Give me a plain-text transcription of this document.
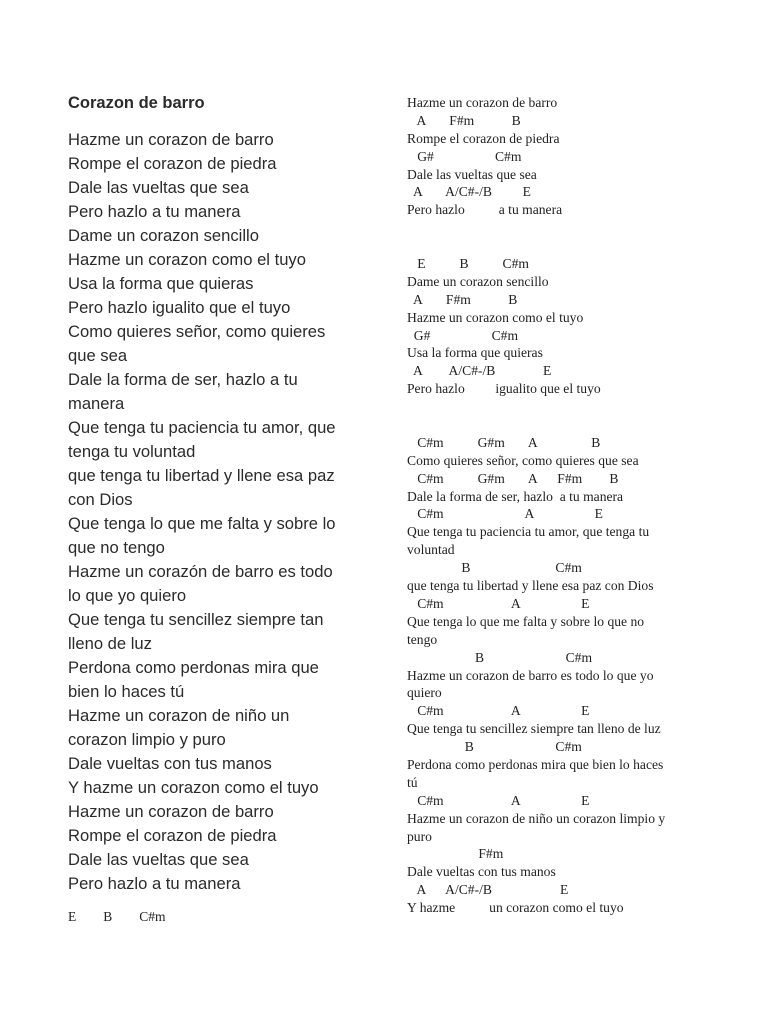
Corazon de barro
Hazme un corazon de barro
Rompe el corazon de piedra
Dale las vueltas que sea
Pero hazlo a tu manera
Dame un corazon sencillo
Hazme un corazon como el tuyo
Usa la forma que quieras
Pero hazlo igualito que el tuyo
Como quieres señor, como quieres
que sea
Dale la forma de ser, hazlo a tu
manera
Que tenga tu paciencia tu amor, que
tenga tu voluntad
que tenga tu libertad y llene esa paz
con Dios
Que tenga lo que me falta y sobre lo
que no tengo
Hazme un corazón de barro es todo
lo que yo quiero
Que tenga tu sencillez siempre tan
lleno de luz
Perdona como perdonas mira que
bien lo haces tú
Hazme un corazon de niño un
corazon limpio y puro
Dale vueltas con tus manos
Y hazme un corazon como el tuyo
Hazme un corazon de barro
Rompe el corazon de piedra
Dale las vueltas que sea
Pero hazlo a tu manera
E        B        C#m
Hazme un corazon de barro
A       F#m           B
Rompe el corazon de piedra
G#                  C#m
Dale las vueltas que sea
A       A/C#-/B         E
Pero hazlo          a tu manera
E          B          C#m
Dame un corazon sencillo
A       F#m           B
Hazme un corazon como el tuyo
G#                  C#m
Usa la forma que quieras
A        A/C#-/B              E
Pero hazlo         igualito que el tuyo
C#m          G#m       A                B
Como quieres señor, como quieres que sea
C#m          G#m       A      F#m        B
Dale la forma de ser, hazlo  a tu manera
C#m                        A                  E
Que tenga tu paciencia tu amor, que tenga tu
voluntad
B                         C#m
que tenga tu libertad y llene esa paz con Dios
C#m                    A                  E
Que tenga lo que me falta y sobre lo que no
tengo
B                        C#m
Hazme un corazon de barro es todo lo que yo
quiero
C#m                    A                  E
Que tenga tu sencillez siempre tan lleno de luz
B                        C#m
Perdona como perdonas mira que bien lo haces
tú
C#m                    A                  E
Hazme un corazon de niño un corazon limpio y
puro
F#m
Dale vueltas con tus manos
A      A/C#-/B                    E
Y hazme          un corazon como el tuyo
